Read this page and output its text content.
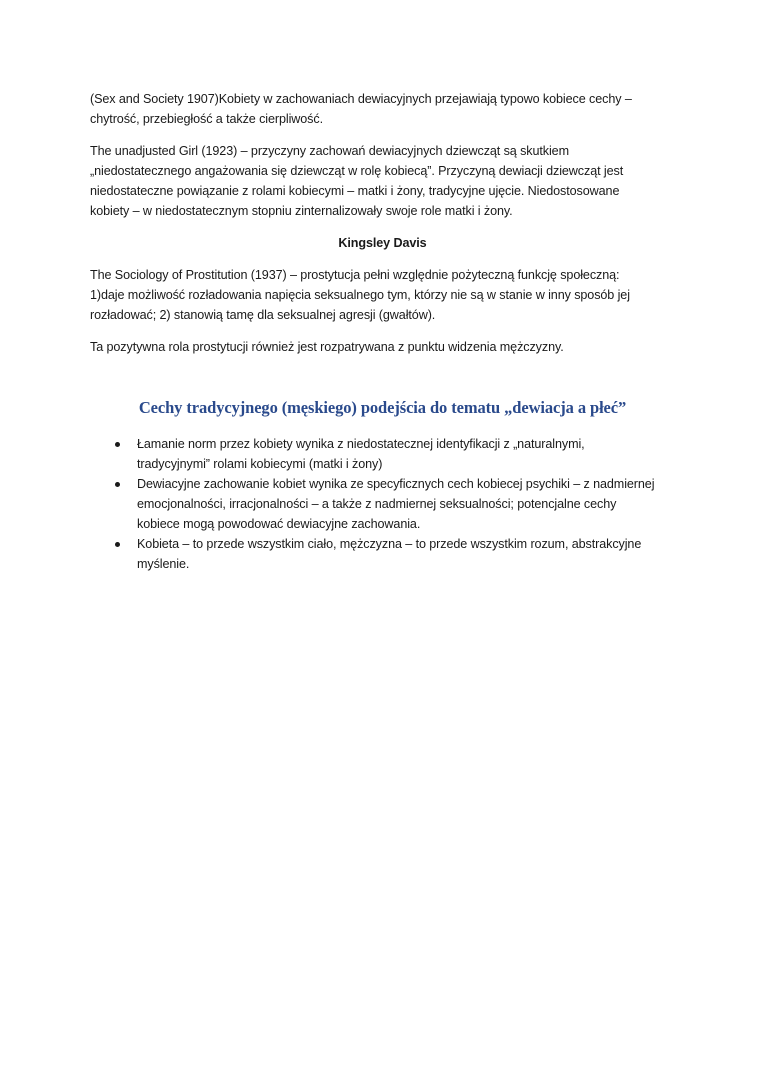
(Sex and Society 1907)Kobiety w zachowaniach dewiacyjnych przejawiają typowo kobiece cechy –
chytrość, przebiegłość a także cierpliwość.

The unadjusted Girl (1923) – przyczyny zachowań dewiacyjnych dziewcząt są skutkiem
„niedostatecznego angażowania się dziewcząt w rolę kobiecą”. Przyczyną dewiacji dziewcząt jest
niedostateczne powiązanie z rolami kobiecymi – matki i żony, tradycyjne ujęcie. Niedostosowane
kobiety – w niedostatecznym stopniu zinternalizowały swoje role matki i żony.

Kingsley Davis

The Sociology of Prostitution (1937) – prostytucja pełni względnie pożyteczną funkcję społeczną:
1)daje możliwość rozładowania napięcia seksualnego tym, którzy nie są w stanie w inny sposób jej
rozładować; 2) stanowią tamę dla seksualnej agresji (gwałtów).

Ta pozytywna rola prostytucji również jest rozpatrywana z punktu widzenia mężczyzny.

Cechy tradycyjnego (męskiego) podejścia do tematu „dewiacja a płeć”
Łamanie norm przez kobiety wynika z niedostatecznej identyfikacji z „naturalnymi,
tradycyjnymi” rolami kobiecymi (matki i żony)
Dewiacyjne zachowanie kobiet wynika ze specyficznych cech kobiecej psychiki – z nadmiernej
emocjonalności, irracjonalności – a także z nadmiernej seksualności; potencjalne cechy
kobiece mogą powodować dewiacyjne zachowania.
Kobieta – to przede wszystkim ciało, mężczyzna – to przede wszystkim rozum, abstrakcyjne
myślenie.
